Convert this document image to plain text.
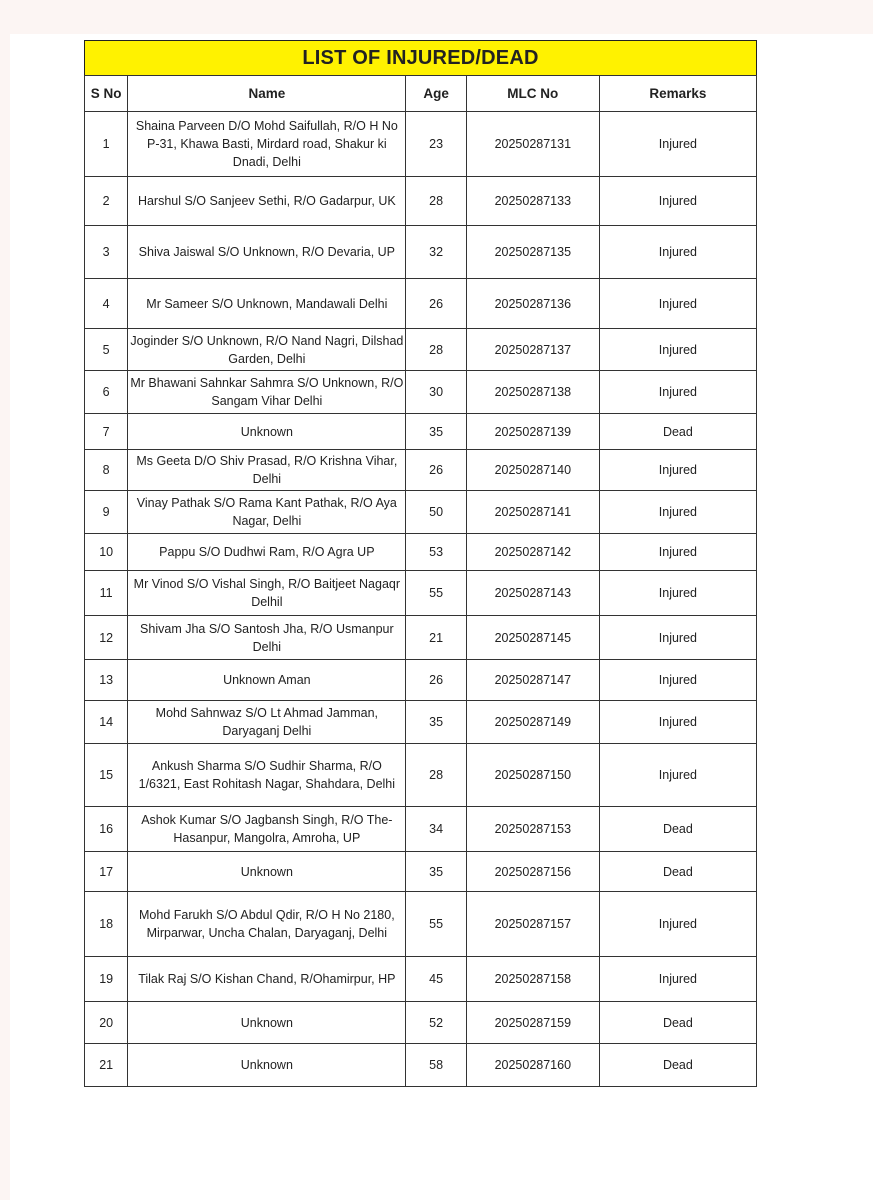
LIST OF INJURED/DEAD
S No	Name	Age	MLC No	Remarks
1	Shaina Parveen D/O Mohd Saifullah, R/O H No P-31, Khawa Basti, Mirdard road, Shakur ki Dnadi, Delhi	23	20250287131	Injured
2	Harshul S/O Sanjeev Sethi, R/O Gadarpur, UK	28	20250287133	Injured
3	Shiva Jaiswal S/O Unknown, R/O Devaria, UP	32	20250287135	Injured
4	Mr Sameer S/O Unknown, Mandawali Delhi	26	20250287136	Injured
5	Joginder S/O Unknown, R/O Nand Nagri, Dilshad Garden, Delhi	28	20250287137	Injured
6	Mr Bhawani Sahnkar Sahmra S/O Unknown, R/O Sangam Vihar Delhi	30	20250287138	Injured
7	Unknown	35	20250287139	Dead
8	Ms Geeta D/O Shiv Prasad, R/O Krishna Vihar, Delhi	26	20250287140	Injured
9	Vinay Pathak S/O Rama Kant Pathak, R/O Aya Nagar, Delhi	50	20250287141	Injured
10	Pappu S/O Dudhwi Ram, R/O Agra UP	53	20250287142	Injured
11	Mr Vinod S/O Vishal Singh, R/O Baitjeet Nagaqr Delhil	55	20250287143	Injured
12	Shivam Jha S/O Santosh Jha, R/O Usmanpur Delhi	21	20250287145	Injured
13	Unknown Aman	26	20250287147	Injured
14	Mohd Sahnwaz S/O Lt Ahmad Jamman, Daryaganj Delhi	35	20250287149	Injured
15	Ankush Sharma S/O Sudhir Sharma, R/O 1/6321, East Rohitash Nagar, Shahdara, Delhi	28	20250287150	Injured
16	Ashok Kumar S/O Jagbansh Singh, R/O The-Hasanpur, Mangolra, Amroha, UP	34	20250287153	Dead
17	Unknown	35	20250287156	Dead
18	Mohd Farukh S/O Abdul Qdir, R/O H No 2180, Mirparwar, Uncha Chalan, Daryaganj, Delhi	55	20250287157	Injured
19	Tilak Raj S/O Kishan Chand, R/Ohamirpur, HP	45	20250287158	Injured
20	Unknown	52	20250287159	Dead
21	Unknown	58	20250287160	Dead
